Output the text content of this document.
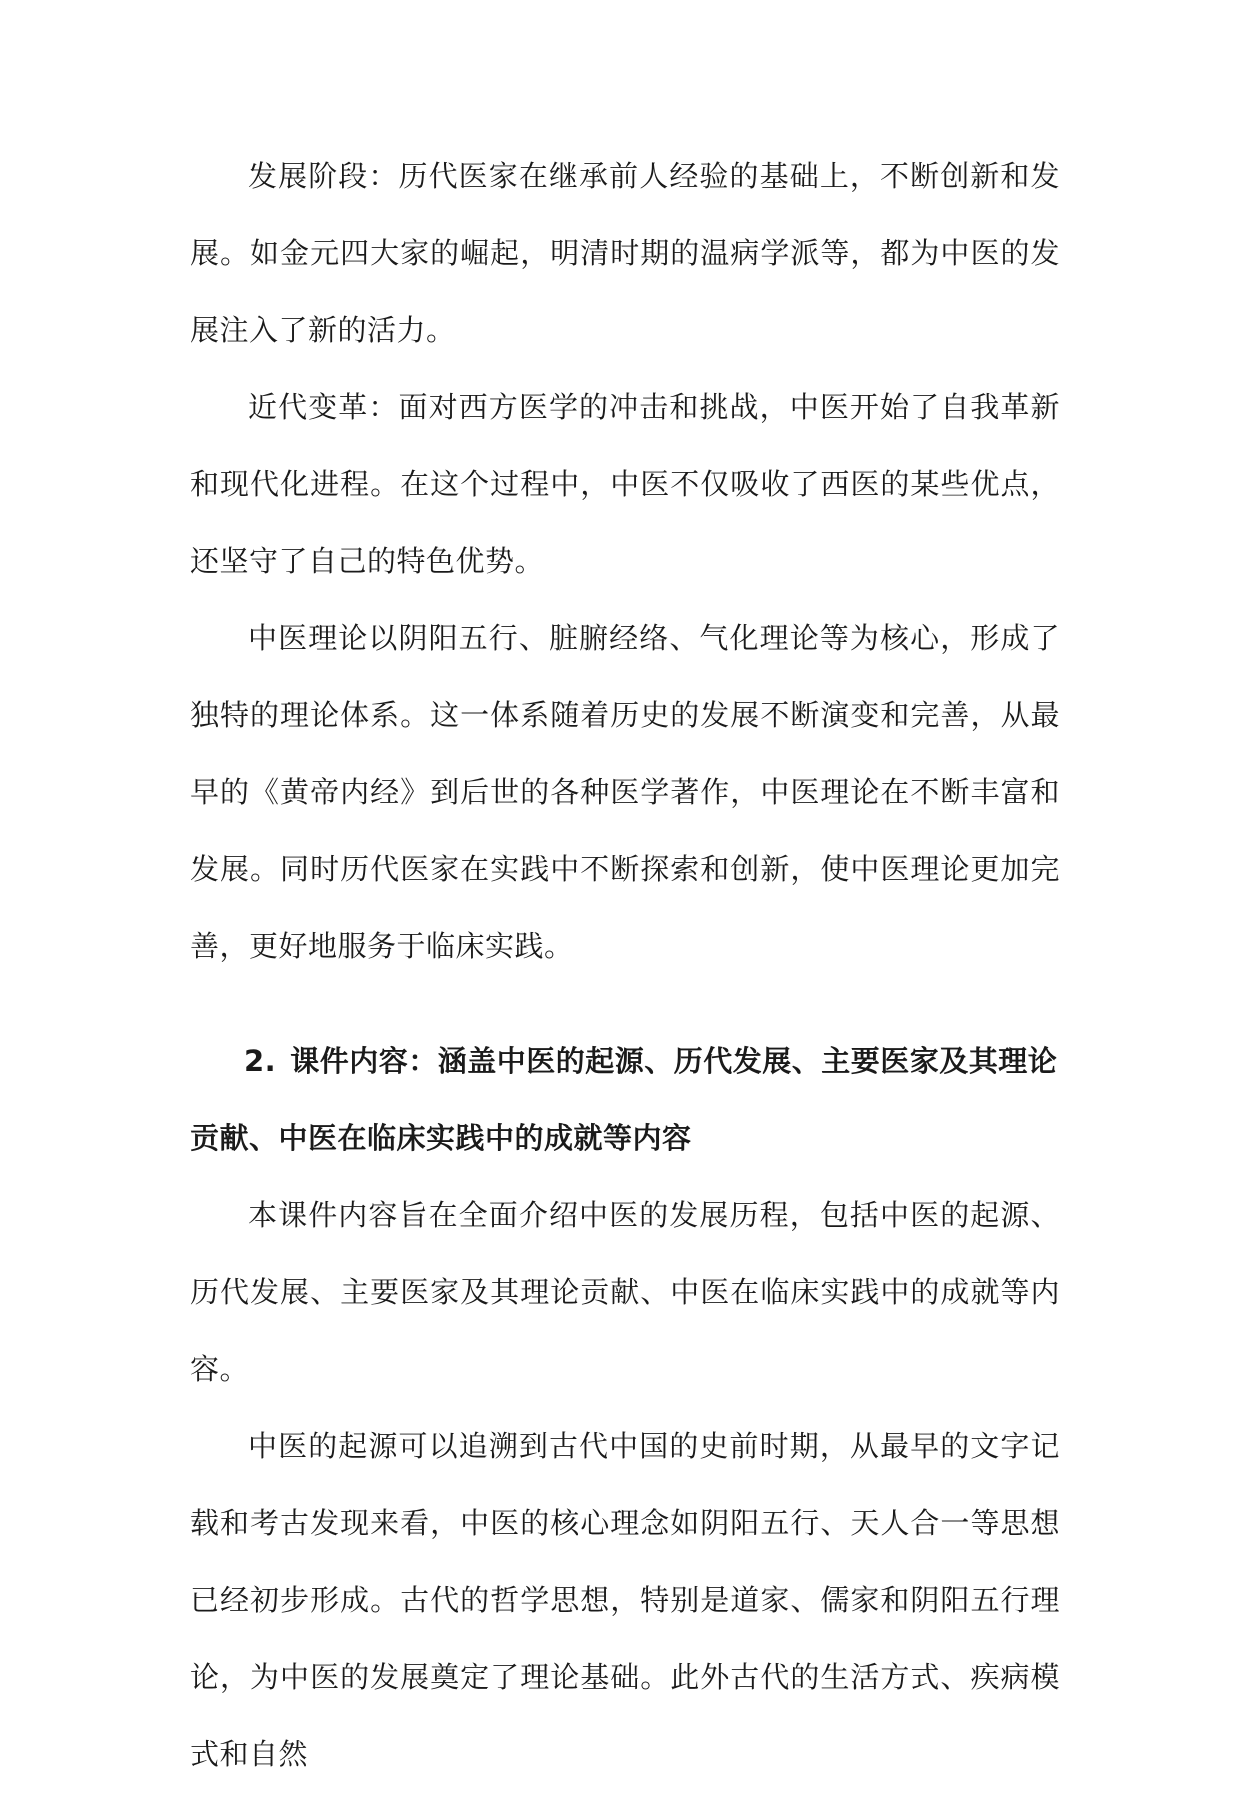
发展阶段：历代医家在继承前人经验的基础上，不断创新和发展。如金元四大家的崛起，明清时期的温病学派等，都为中医的发展注入了新的活力。

近代变革：面对西方医学的冲击和挑战，中医开始了自我革新和现代化进程。在这个过程中，中医不仅吸收了西医的某些优点，还坚守了自己的特色优势。

中医理论以阴阳五行、脏腑经络、气化理论等为核心，形成了独特的理论体系。这一体系随着历史的发展不断演变和完善，从最早的《黄帝内经》到后世的各种医学著作，中医理论在不断丰富和发展。同时历代医家在实践中不断探索和创新，使中医理论更加完善，更好地服务于临床实践。

2. 课件内容：涵盖中医的起源、历代发展、主要医家及其理论贡献、中医在临床实践中的成就等内容

本课件内容旨在全面介绍中医的发展历程，包括中医的起源、历代发展、主要医家及其理论贡献、中医在临床实践中的成就等内容。

中医的起源可以追溯到古代中国的史前时期，从最早的文字记载和考古发现来看，中医的核心理念如阴阳五行、天人合一等思想已经初步形成。古代的哲学思想，特别是道家、儒家和阴阳五行理论，为中医的发展奠定了理论基础。此外古代的生活方式、疾病模式和自然
